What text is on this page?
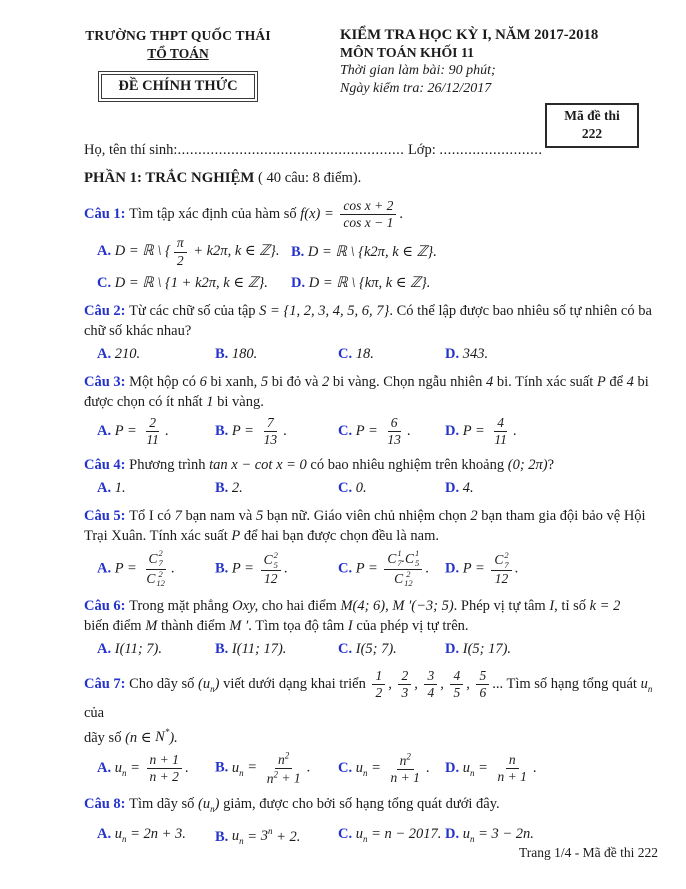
TRƯỜNG THPT QUỐC THÁI
TỔ TOÁN
ĐỀ CHÍNH THỨC
KIỂM TRA HỌC KỲ I, NĂM 2017-2018
MÔN TOÁN KHỐI 11
Thời gian làm bài: 90 phút;
Ngày kiểm tra: 26/12/2017
Mã đề thi
222
Họ, tên thí sinh:....................................................... Lớp: .........................
PHẦN 1: TRẮC NGHIỆM ( 40 câu: 8 điểm).
Câu 1: Tìm tập xác định của hàm số $f(x) = \frac{\text{cos x + 2}}{\text{cos x − 1}}$ .
A. D = ℝ \ { $\frac{\pi}{2} + k2\pi$, k ∈ ℤ}. B. D = ℝ \ {k2π, k ∈ ℤ}.
C. D = ℝ \ {1 + k2π, k ∈ ℤ}.	D. D = ℝ \ {kπ, k ∈ ℤ}.
Câu 2: Từ các chữ số của tập S = {1, 2, 3, 4, 5, 6, 7}. Có thể lập được bao nhiêu số tự nhiên có ba
chữ số khác nhau?
A. 210.	B. 180.	C. 18.	D. 343.
Câu 3: Một hộp có 6 bi xanh, 5 bi đỏ và 2 bi vàng. Chọn ngẫu nhiên 4 bi. Tính xác suất P để 4 bi
được chọn có ít nhất 1 bi vàng.
A. $P = \frac{2}{11}$ .	B. $P = \frac{7}{13}$ .	C. $P = \frac{6}{13}$ .	D. $P = \frac{4}{11}$ .
Câu 4: Phương trình tan x − cot x = 0 có bao nhiêu nghiệm trên khoảng (0; 2π)?
A. 1.	B. 2.	C. 0.	D. 4.
Câu 5: Tổ I có 7 bạn nam và 5 bạn nữ. Giáo viên chủ nhiệm chọn 2 bạn tham gia đội bảo vệ Hội
Trại Xuân. Tính xác suất P để hai bạn được chọn đều là nam.
A. P = C 2
7
C 2
12 .	B. P = C 2
5
12 .	C. P = C 1
7 . C 1
5
C 2
12 .	D. P = C 2
7
12 .
Câu 6: Trong mặt phẳng Oxy, cho hai điểm M(4; 6), M ′(−3; 5). Phép vị tự tâm I, tỉ số k = 2
biến điểm M thành điểm M ′. Tìm tọa độ tâm I của phép vị tự trên.
A. I(11; 7).	B. I(11; 17).	C. I(5; 7).	D. I(5; 17).
Câu 7: Cho dãy số $(u_n)$ viết dưới dạng khai triển $\frac{1}{2}$ , $\frac{2}{3}$ , $\frac{3}{4}$ , $\frac{4}{5}$ , $\frac{5}{6}$ ... Tìm số hạng tổng quát $u_n$ của
dãy số (n ∈ N*).
A. $u_n = \frac{n + 1}{n + 2}$ .	B. $u_n = \frac{n^2}{n^2 + 1}$ .	C. $u_n = \frac{n^2}{n + 1}$ .	D. $u_n = \frac{n}{n + 1}$ .
Câu 8: Tìm dãy số $(u_n)$ giảm, được cho bởi số hạng tổng quát dưới đây.
A. $u_n = 2n + 3$.	B. $u_n = 3^n + 2$.	C. $u_n = n - 2017$. D. $u_n = 3 - 2n$.
Trang 1/4 - Mã đề thi 222
